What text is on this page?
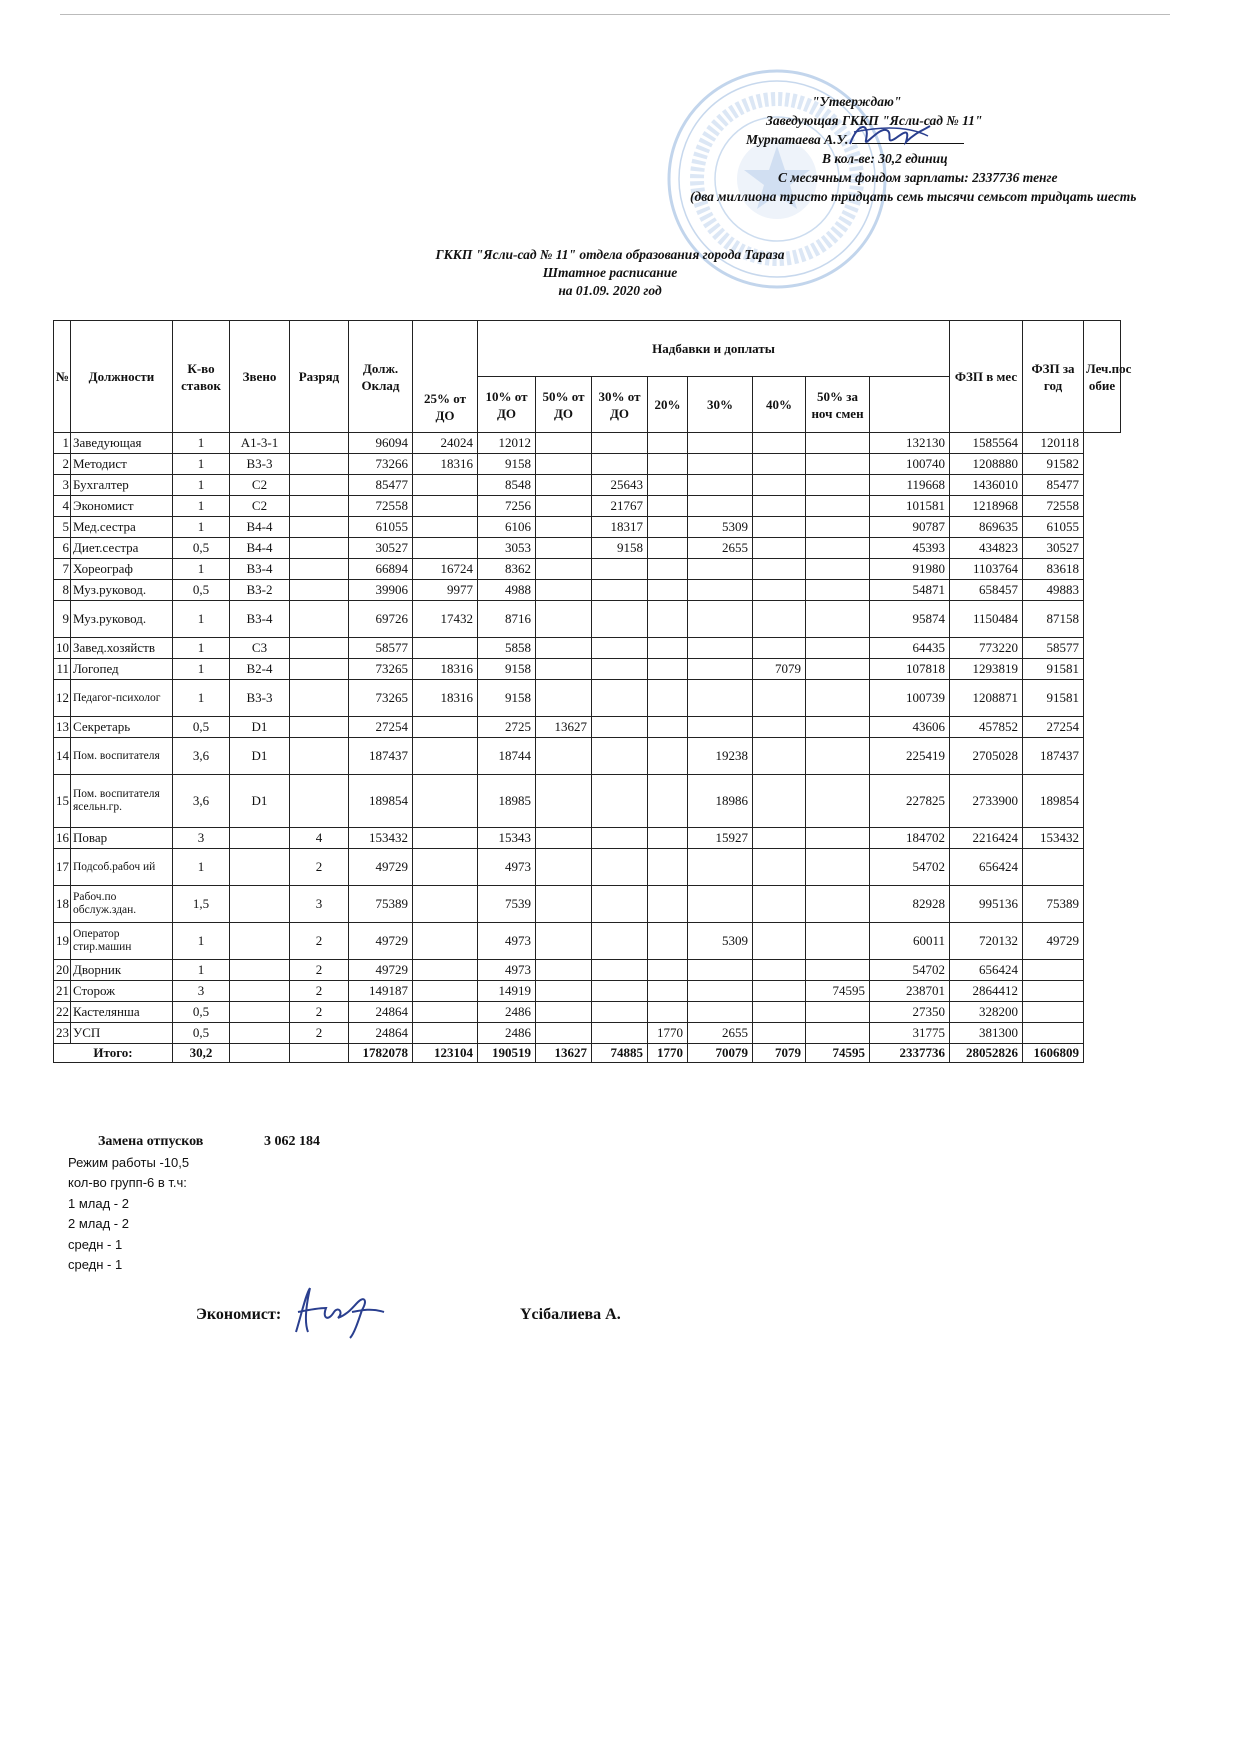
"Утверждаю"
Заведующая ГККП "Ясли-сад № 11"
Мурпатаева А.У.
В кол-ве: 30,2 единиц
С месячным фондом зарплаты: 2337736 тенге
(два миллиона тристо тридцать семь тысячи семьсот тридцать шесть
ГККП "Ясли-сад № 11" отдела образования города Тараза
Штатное расписание
на 01.09. 2020 год
№	Должности	К-во ставок	Звено	Разряд	Долж. Оклад	25% от ДО	Надбавки и доплаты								ФЗП в мес	ФЗП за год	Леч.пос обие
							10% от ДО	50% от ДО	30% от ДО	20%	30%	40%	50% за ноч смен				
1	Заведующая	1	А1-3-1		96094	24024	12012							132130	1585564	120118	
2	Методист	1	В3-3		73266	18316	9158							100740	1208880	91582	
3	Бухгалтер	1	С2		85477		8548		25643					119668	1436010	85477	
4	Экономист	1	С2		72558		7256		21767					101581	1218968	72558	
5	Мед.сестра	1	В4-4		61055		6106		18317		5309			90787	869635	61055	
6	Диет.сестра	0,5	В4-4		30527		3053		9158		2655			45393	434823	30527	
7	Хореограф	1	В3-4		66894	16724	8362							91980	1103764	83618	
8	Муз.руковод.	0,5	В3-2		39906	9977	4988							54871	658457	49883	
9	Муз.руковод.	1	В3-4		69726	17432	8716							95874	1150484	87158	
10	Завед.хозяйств	1	С3		58577		5858							64435	773220	58577	
11	Логопед	1	В2-4		73265	18316	9158					7079		107818	1293819	91581	
12	Педагог-психолог	1	В3-3		73265	18316	9158							100739	1208871	91581	
13	Секретарь	0,5	D1		27254		2725	13627						43606	457852	27254	
14	Пом. воспитателя	3,6	D1		187437		18744				19238			225419	2705028	187437	
15	Пом. воспитателя ясельн.гр.	3,6	D1		189854		18985				18986			227825	2733900	189854	
16	Повар	3		4	153432		15343				15927			184702	2216424	153432	
17	Подсоб.рабоч ий	1		2	49729		4973							54702	656424		
18	Рабоч.по обслуж.здан.	1,5		3	75389		7539							82928	995136	75389	
19	Оператор стир.машин	1		2	49729		4973				5309			60011	720132	49729	
20	Дворник	1		2	49729		4973							54702	656424		
21	Сторож	3		2	149187		14919						74595	238701	2864412		
22	Кастелянша	0,5		2	24864		2486							27350	328200		
23	УСП	0,5		2	24864		2486			1770	2655			31775	381300		
Итого:		30,2			1782078	123104	190519	13627	74885	1770	70079	7079	74595	2337736	28052826	1606809	
Замена отпусков	3 062 184
Режим работы -10,5
кол-во групп-6 в т.ч:
1 млад - 2
2 млад - 2
средн - 1
средн - 1
Экономист:	Үсібалиева А.
